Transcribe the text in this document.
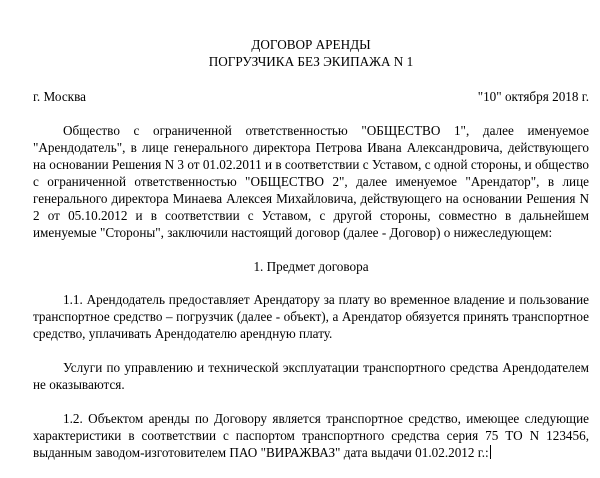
ДОГОВОР АРЕНДЫ
ПОГРУЗЧИКА БЕЗ ЭКИПАЖА N 1
г. Москва	"10" октября 2018 г.

Общество с ограниченной ответственностью "ОБЩЕСТВО 1", далее именуемое "Арендодатель", в лице генерального директора Петрова Ивана Александровича, действующего на основании Решения N 3 от 01.02.2011 и в соответствии с Уставом, с одной стороны, и общество с ограниченной ответственностью "ОБЩЕСТВО 2", далее именуемое "Арендатор", в лице генерального директора Минаева Алексея Михайловича, действующего на основании Решения N 2 от 05.10.2012 и в соответствии с Уставом, с другой стороны, совместно в дальнейшем именуемые "Стороны", заключили настоящий договор (далее - Договор) о нижеследующем:

1. Предмет договора

1.1. Арендодатель предоставляет Арендатору за плату во временное владение и пользование транспортное средство – погрузчик (далее - объект), а Арендатор обязуется принять транспортное средство, уплачивать Арендодателю арендную плату.

Услуги по управлению и технической эксплуатации транспортного средства Арендодателем не оказываются.

1.2. Объектом аренды по Договору является транспортное средство, имеющее следующие характеристики в соответствии с паспортом транспортного средства серия 75 ТО N 123456, выданным заводом-изготовителем ПАО "ВИРАЖВАЗ" дата выдачи 01.02.2012 г.:
